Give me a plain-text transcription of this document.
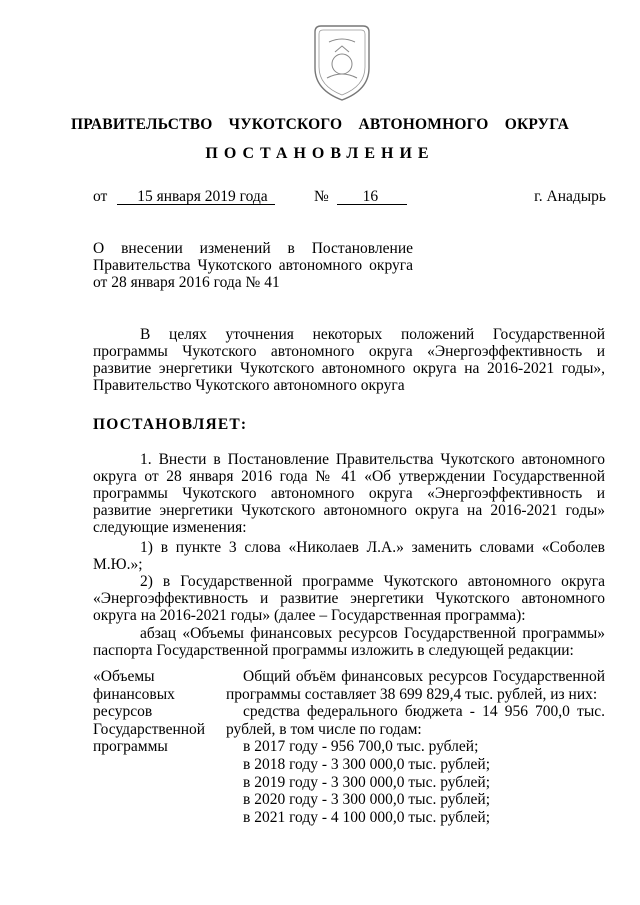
ПРАВИТЕЛЬСТВО  ЧУКОТСКОГО  АВТОНОМНОГО  ОКРУГА
ПОСТАНОВЛЕНИЕ
от 15 января 2019 года	№ 16	г. Анадырь
О внесении изменений в Постановление
Правительства Чукотского автономного округа
от 28 января 2016 года № 41
В целях уточнения некоторых положений Государственной программы Чукотского автономного округа «Энергоэффективность и развитие энергетики Чукотского автономного округа на 2016-2021 годы», Правительство Чукотского автономного округа
ПОСТАНОВЛЯЕТ:
1. Внести в Постановление Правительства Чукотского автономного округа от 28 января 2016 года № 41 «Об утверждении Государственной программы Чукотского автономного округа «Энергоэффективность и развитие энергетики Чукотского автономного округа на 2016-2021 годы» следующие изменения:
1) в пункте 3 слова «Николаев Л.А.» заменить словами «Соболев М.Ю.»;
2) в Государственной программе Чукотского автономного округа «Энергоэффективность и развитие энергетики Чукотского автономного округа на 2016-2021 годы» (далее – Государственная программа):
абзац «Объемы финансовых ресурсов Государственной программы» паспорта Государственной программы изложить в следующей редакции:
«Объемы
финансовых
ресурсов
Государственной
программы
Общий объём финансовых ресурсов Государственной программы составляет 38 699 829,4 тыс. рублей, из них:
средства федерального бюджета - 14 956 700,0 тыс. рублей, в том числе по годам:
в 2017 году - 956 700,0 тыс. рублей;
в 2018 году - 3 300 000,0 тыс. рублей;
в 2019 году - 3 300 000,0 тыс. рублей;
в 2020 году - 3 300 000,0 тыс. рублей;
в 2021 году - 4 100 000,0 тыс. рублей;
